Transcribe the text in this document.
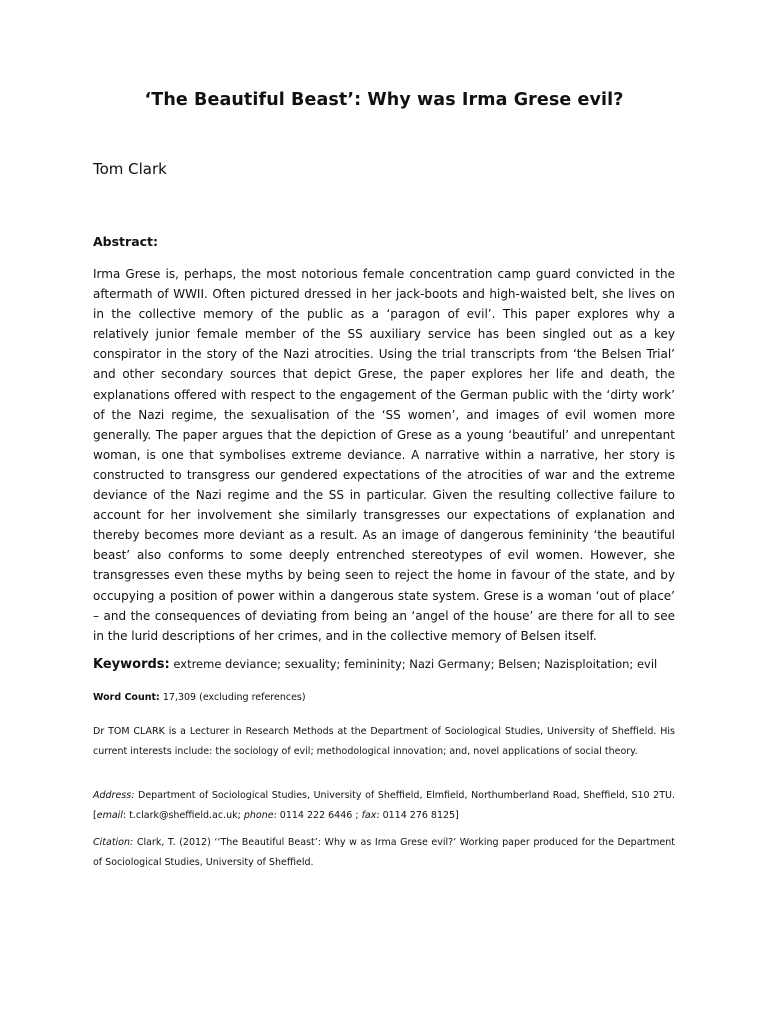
‘The Beautiful Beast’: Why was Irma Grese evil?

Tom Clark

Abstract:

Irma Grese is, perhaps, the most notorious female concentration camp guard convicted in the aftermath of WWII. Often pictured dressed in her jack-boots and high-waisted belt, she lives on in the collective memory of the public as a ‘paragon of evil’. This paper explores why a relatively junior female member of the SS auxiliary service has been singled out as a key conspirator in the story of the Nazi atrocities. Using the trial transcripts from ‘the Belsen Trial’ and other secondary sources that depict Grese, the paper explores her life and death, the explanations offered with respect to the engagement of the German public with the ‘dirty work’ of the Nazi regime, the sexualisation of the ‘SS women’, and images of evil women more generally. The paper argues that the depiction of Grese as a young ‘beautiful’ and unrepentant woman, is one that symbolises extreme deviance. A narrative within a narrative, her story is constructed to transgress our gendered expectations of the atrocities of war and the extreme deviance of the Nazi regime and the SS in particular. Given the resulting collective failure to account for her involvement she similarly transgresses our expectations of explanation and thereby becomes more deviant as a result. As an image of dangerous femininity ‘the beautiful beast’ also conforms to some deeply entrenched stereotypes of evil women. However, she transgresses even these myths by being seen to reject the home in favour of the state, and by occupying a position of power within a dangerous state system. Grese is a woman ‘out of place’ – and the consequences of deviating from being an ‘angel of the house’ are there for all to see in the lurid descriptions of her crimes, and in the collective memory of Belsen itself.

Keywords: extreme deviance; sexuality; femininity; Nazi Germany; Belsen; Nazisploitation; evil

Word Count: 17,309 (excluding references)

Dr TOM CLARK is a Lecturer in Research Methods at the Department of Sociological Studies, University of Sheffield. His current interests include: the sociology of evil; methodological innovation; and, novel applications of social theory.

Address: Department of Sociological Studies, University of Sheffield, Elmfield, Northumberland Road, Sheffield, S10 2TU. [email: t.clark@sheffield.ac.uk; phone: 0114 222 6446 ; fax: 0114 276 8125]

Citation: Clark, T. (2012) ‘‘The Beautiful Beast’: Why w as Irma Grese evil?’ Working paper produced for the Department of Sociological Studies, University of Sheffield.
